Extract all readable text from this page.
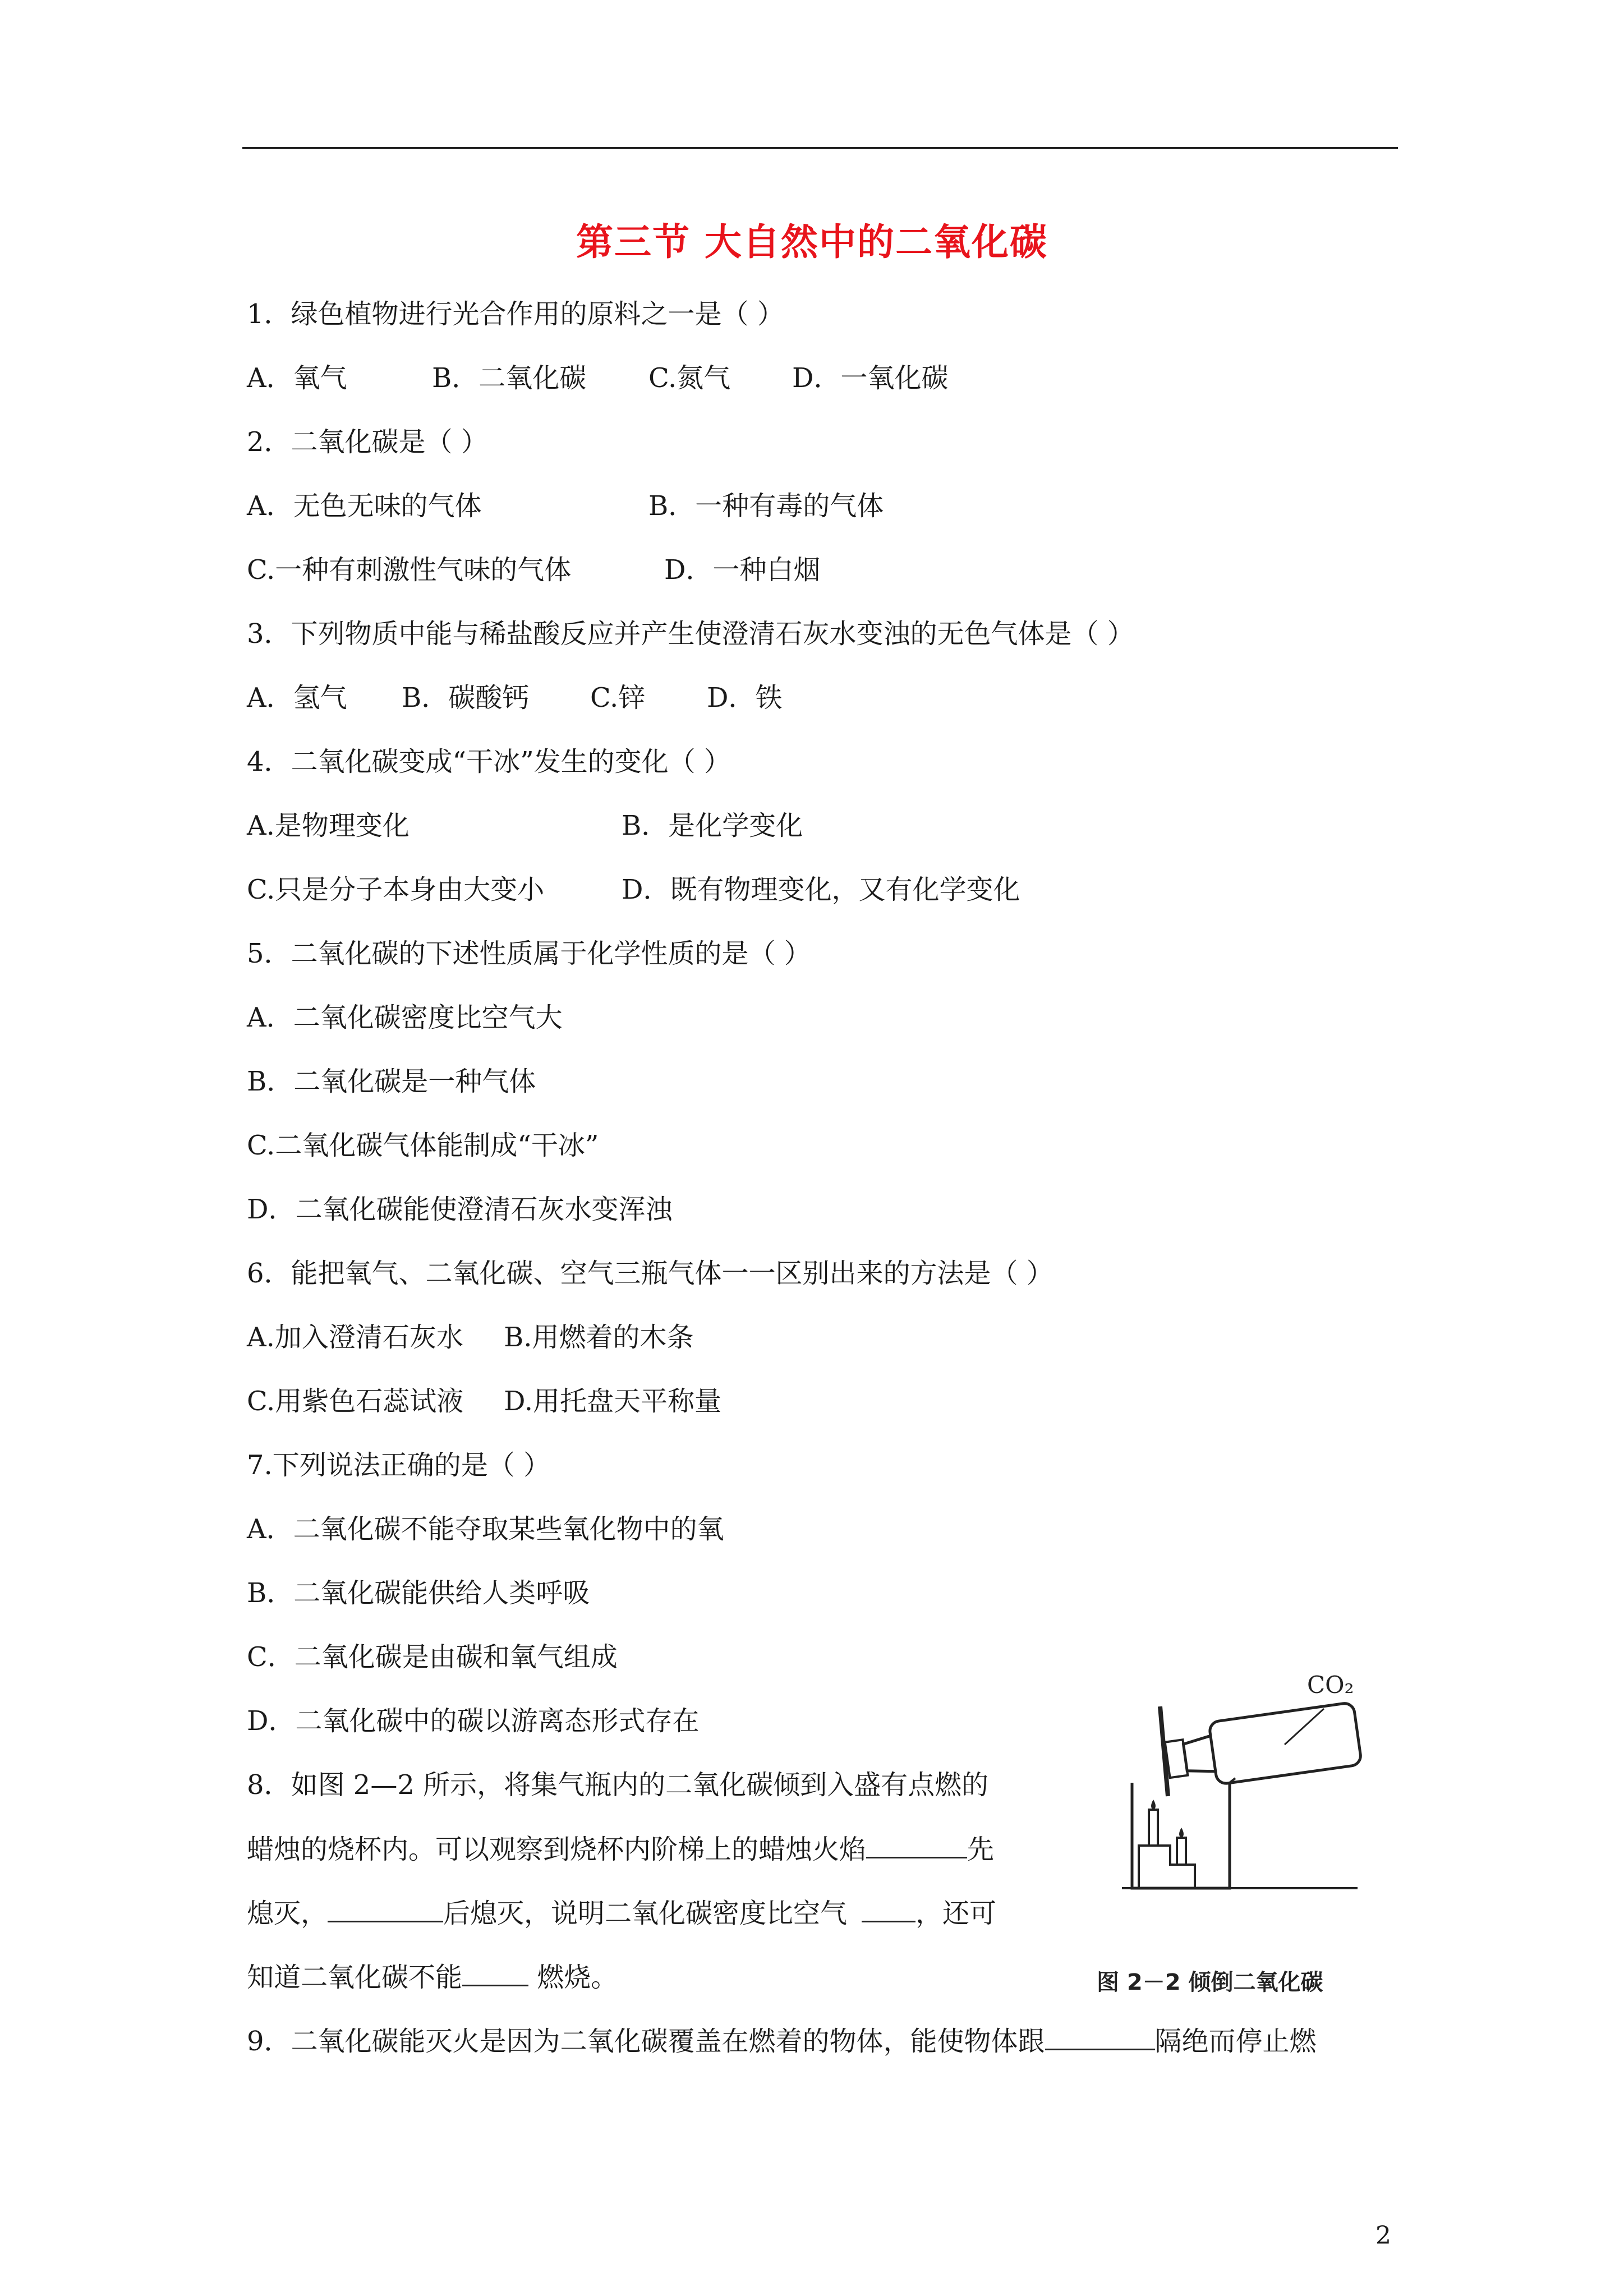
第三节 大自然中的二氧化碳
1．绿色植物进行光合作用的原料之一是（ ）
A．氧气	B．二氧化碳 C.氮气 D．一氧化碳
2．二氧化碳是（ ）
A．无色无味的气体	B．一种有毒的气体
C.一种有刺激性气味的气体	D．一种白烟
3．下列物质中能与稀盐酸反应并产生使澄清石灰水变浊的无色气体是（ ）
A．氢气 B．碳酸钙 C.锌 D．铁
4．二氧化碳变成“干冰”发生的变化（ ）
A.是物理变化	B．是化学变化
C.只是分子本身由大变小	D．既有物理变化，又有化学变化
5．二氧化碳的下述性质属于化学性质的是（ ）
A．二氧化碳密度比空气大
B．二氧化碳是一种气体
C.二氧化碳气体能制成“干冰”
D．二氧化碳能使澄清石灰水变浑浊
6．能把氧气、二氧化碳、空气三瓶气体一一区别出来的方法是（ ）
A.加入澄清石灰水 B.用燃着的木条
C.用紫色石蕊试液 D.用托盘天平称量
7.下列说法正确的是（ ）
A．二氧化碳不能夺取某些氧化物中的氧
B．二氧化碳能供给人类呼吸
C．二氧化碳是由碳和氧气组成
D．二氧化碳中的碳以游离态形式存在
8．如图 2—2 所示，将集气瓶内的二氧化碳倾到入盛有点燃的
蜡烛的烧杯内。可以观察到烧杯内阶梯上的蜡烛火焰	先
熄灭，	后熄灭，说明二氧化碳密度比空气	，还可
知道二氧化碳不能 燃烧。
9．二氧化碳能灭火是因为二氧化碳覆盖在燃着的物体，能使物体跟	隔绝而停止燃
CO₂
图 2－2 倾倒二氧化碳
2
